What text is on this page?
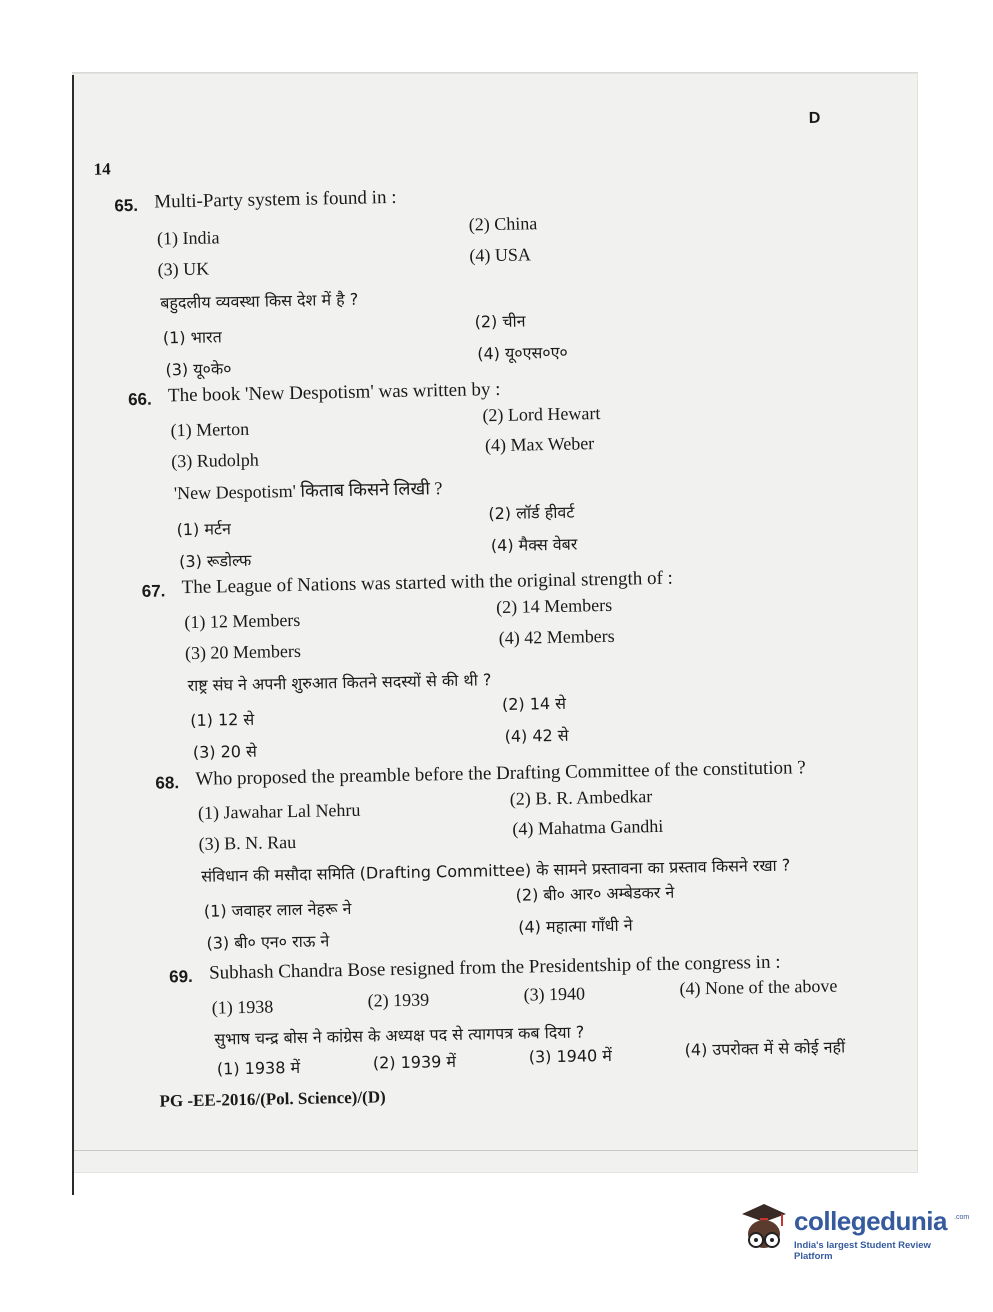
14
D
65. Multi-Party system is found in :
(1) India
(2) China
(3) UK
(4) USA
बहुदलीय व्यवस्था किस देश में है ?
(1) भारत
(2) चीन
(3) यू०के०
(4) यू०एस०ए०
66. The book 'New Despotism' was written by :
(1) Merton
(2) Lord Hewart
(3) Rudolph
(4) Max Weber
'New Despotism' किताब किसने लिखी ?
(1) मर्टन
(2) लॉर्ड हीवर्ट
(3) रूडोल्फ
(4) मैक्स वेबर
67. The League of Nations was started with the original strength of :
(1) 12 Members
(2) 14 Members
(3) 20 Members
(4) 42 Members
राष्ट्र संघ ने अपनी शुरुआत कितने सदस्यों से की थी ?
(1) 12 से
(2) 14 से
(3) 20 से
(4) 42 से
68. Who proposed the preamble before the Drafting Committee of the constitution ?
(1) Jawahar Lal Nehru
(2) B. R. Ambedkar
(3) B. N. Rau
(4) Mahatma Gandhi
संविधान की मसौदा समिति (Drafting Committee) के सामने प्रस्तावना का प्रस्ताव किसने रखा ?
(1) जवाहर लाल नेहरू ने
(2) बी० आर० अम्बेडकर ने
(3) बी० एन० राऊ ने
(4) महात्मा गाँधी ने
69. Subhash Chandra Bose resigned from the Presidentship of the congress in :
(1) 1938	(2) 1939	(3) 1940	(4) None of the above
सुभाष चन्द्र बोस ने कांग्रेस के अध्यक्ष पद से त्यागपत्र कब दिया ?
(1) 1938 में	(2) 1939 में	(3) 1940 में	(4) उपरोक्त में से कोई नहीं
PG -EE-2016/(Pol. Science)/(D)
collegedunia .com
India's largest Student Review Platform
